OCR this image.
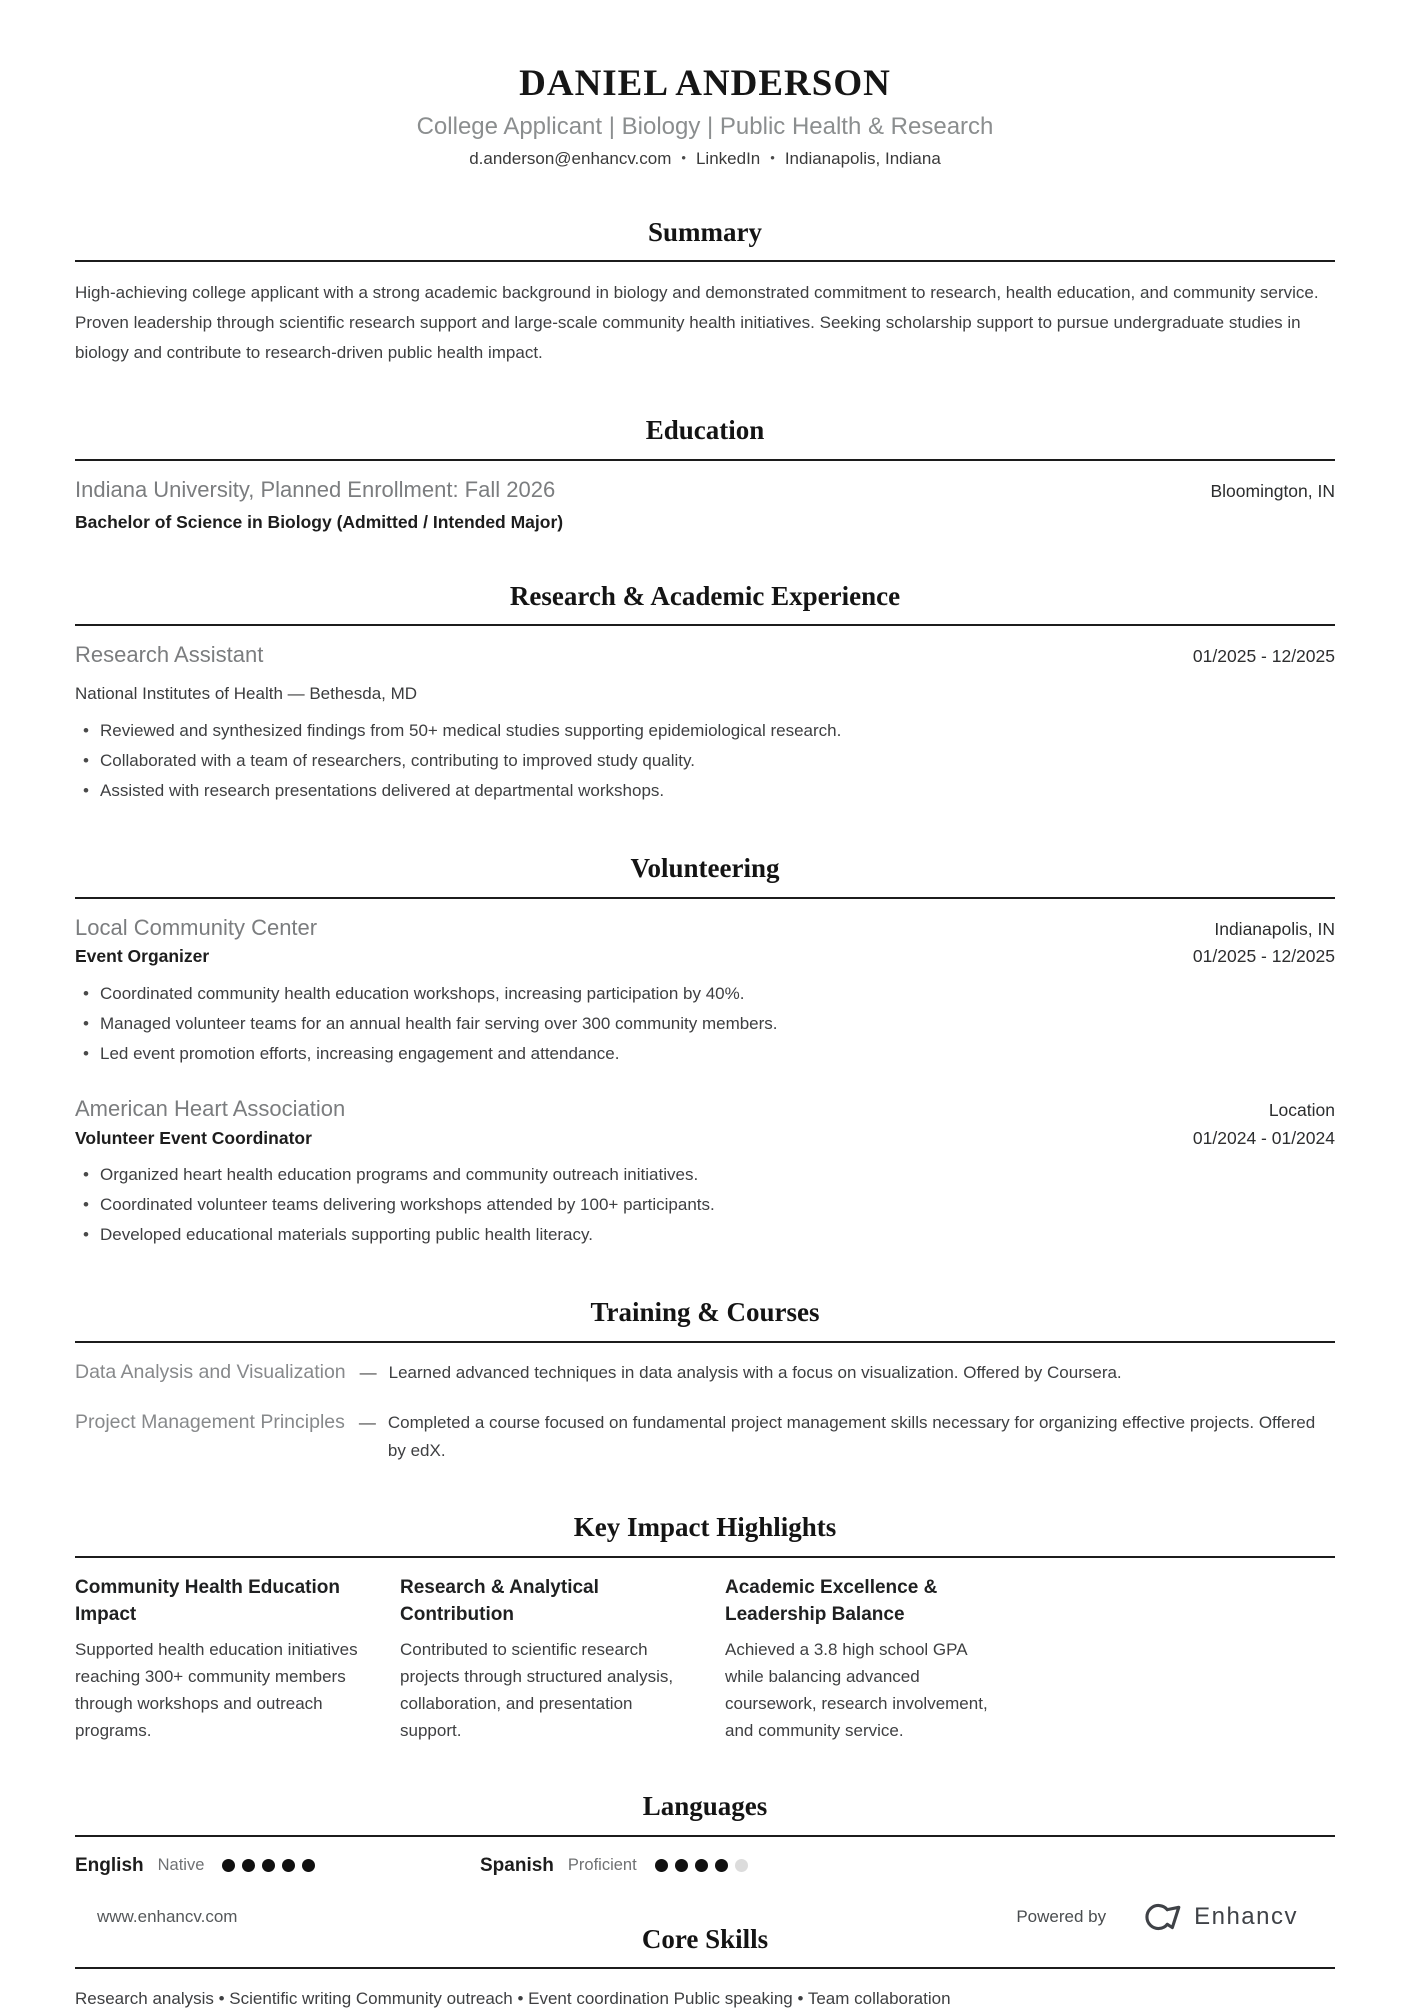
DANIEL ANDERSON
College Applicant | Biology | Public Health & Research
d.anderson@enhancv.com • LinkedIn • Indianapolis, Indiana
Summary

High-achieving college applicant with a strong academic background in biology and demonstrated commitment to research, health education, and community service. Proven leadership through scientific research support and large-scale community health initiatives. Seeking scholarship support to pursue undergraduate studies in biology and contribute to research-driven public health impact.

Education
Indiana University, Planned Enrollment: Fall 2026	Bloomington, IN
Bachelor of Science in Biology (Admitted / Intended Major)
Research & Academic Experience
Research Assistant	01/2025 - 12/2025
National Institutes of Health — Bethesda, MD
• Reviewed and synthesized findings from 50+ medical studies supporting epidemiological research.
• Collaborated with a team of researchers, contributing to improved study quality.
• Assisted with research presentations delivered at departmental workshops.
Volunteering
Local Community Center	Indianapolis, IN
Event Organizer	01/2025 - 12/2025
• Coordinated community health education workshops, increasing participation by 40%.
• Managed volunteer teams for an annual health fair serving over 300 community members.
• Led event promotion efforts, increasing engagement and attendance.
American Heart Association	Location
Volunteer Event Coordinator	01/2024 - 01/2024
• Organized heart health education programs and community outreach initiatives.
• Coordinated volunteer teams delivering workshops attended by 100+ participants.
• Developed educational materials supporting public health literacy.
Training & Courses
Data Analysis and Visualization — Learned advanced techniques in data analysis with a focus on visualization. Offered by Coursera.
Project Management Principles — Completed a course focused on fundamental project management skills necessary for organizing effective projects. Offered by edX.
Key Impact Highlights
Community Health Education Impact

Supported health education initiatives reaching 300+ community members through workshops and outreach programs.

Research & Analytical Contribution

Contributed to scientific research projects through structured analysis, collaboration, and presentation support.

Academic Excellence & Leadership Balance

Achieved a 3.8 high school GPA while balancing advanced coursework, research involvement, and community service.

Languages
English Native	Spanish Proficient
Core Skills
Research analysis • Scientific writing Community outreach • Event coordination Public speaking • Team collaboration
www.enhancv.com	Powered by	Enhancv
